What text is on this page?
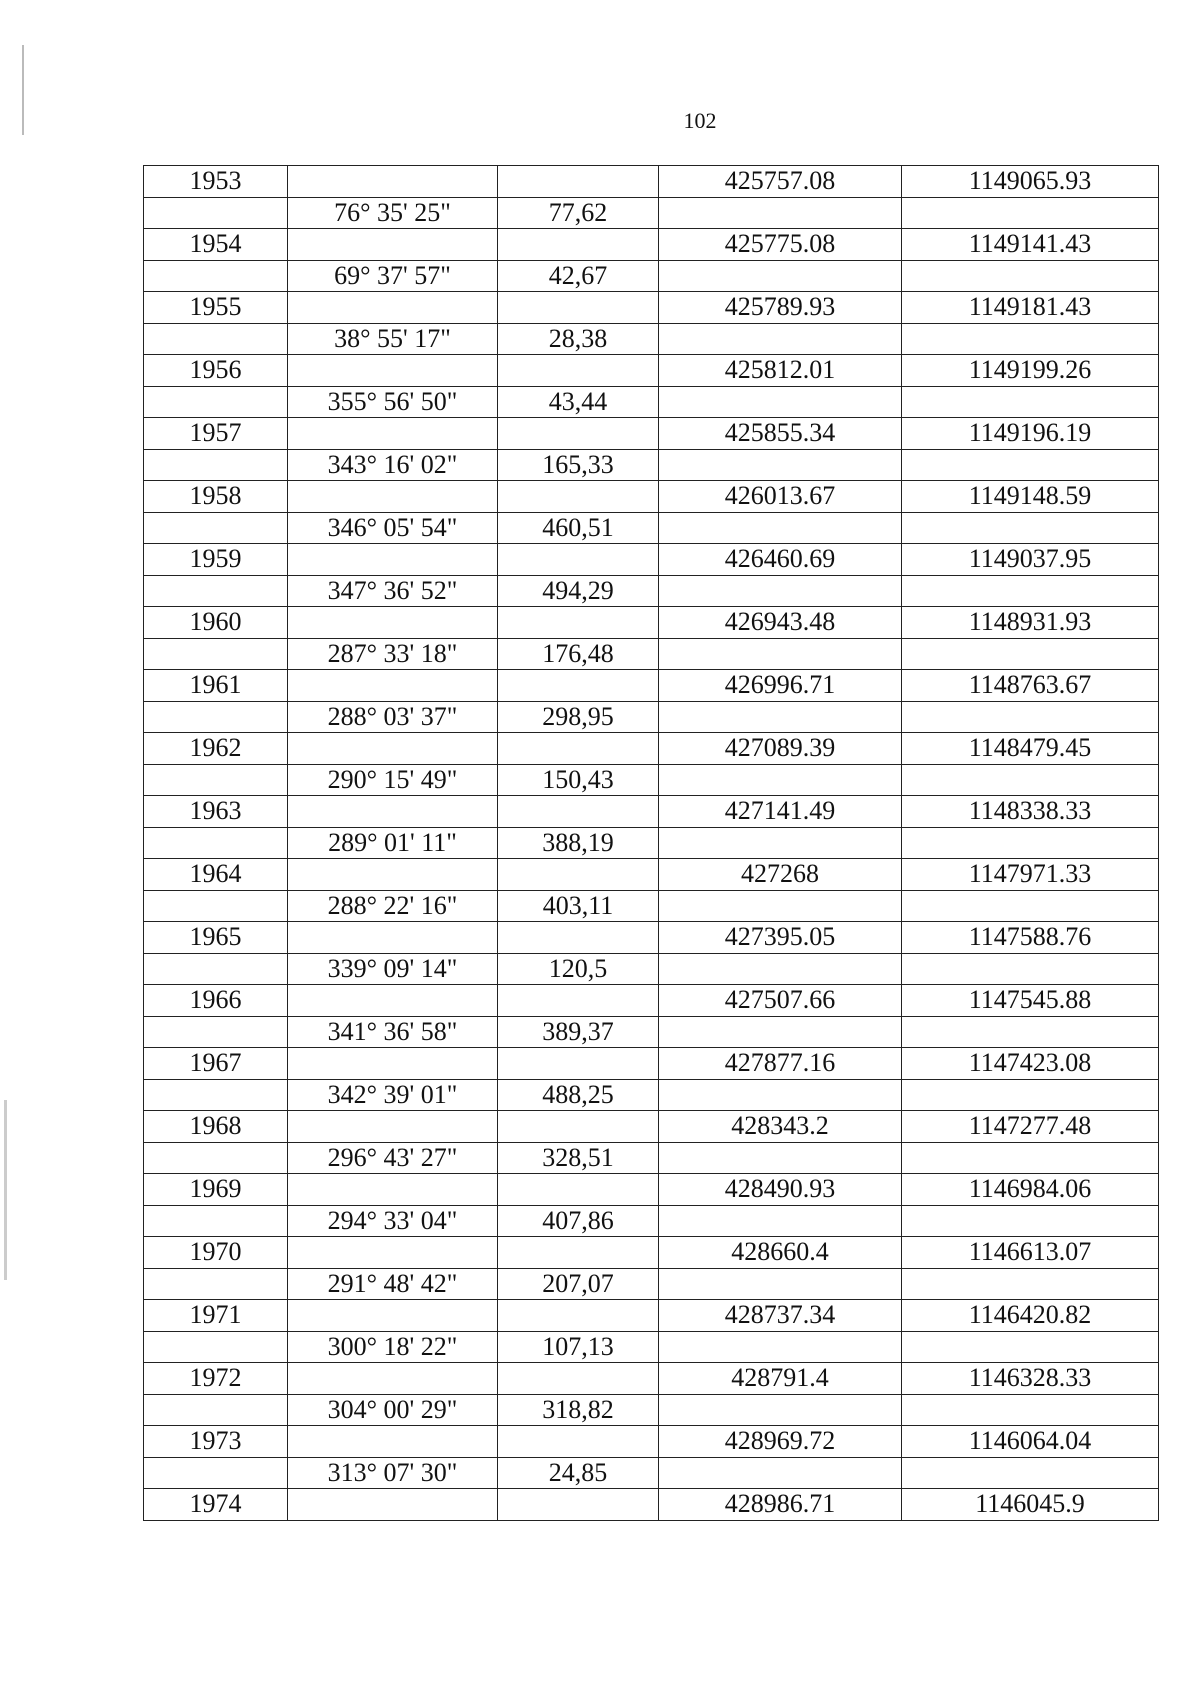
102
1953			425757.08	1149065.93
	76° 35' 25"	77,62		
1954			425775.08	1149141.43
	69° 37' 57"	42,67		
1955			425789.93	1149181.43
	38° 55' 17"	28,38		
1956			425812.01	1149199.26
	355° 56' 50"	43,44		
1957			425855.34	1149196.19
	343° 16' 02"	165,33		
1958			426013.67	1149148.59
	346° 05' 54"	460,51		
1959			426460.69	1149037.95
	347° 36' 52"	494,29		
1960			426943.48	1148931.93
	287° 33' 18"	176,48		
1961			426996.71	1148763.67
	288° 03' 37"	298,95		
1962			427089.39	1148479.45
	290° 15' 49"	150,43		
1963			427141.49	1148338.33
	289° 01' 11"	388,19		
1964			427268	1147971.33
	288° 22' 16"	403,11		
1965			427395.05	1147588.76
	339° 09' 14"	120,5		
1966			427507.66	1147545.88
	341° 36' 58"	389,37		
1967			427877.16	1147423.08
	342° 39' 01"	488,25		
1968			428343.2	1147277.48
	296° 43' 27"	328,51		
1969			428490.93	1146984.06
	294° 33' 04"	407,86		
1970			428660.4	1146613.07
	291° 48' 42"	207,07		
1971			428737.34	1146420.82
	300° 18' 22"	107,13		
1972			428791.4	1146328.33
	304° 00' 29"	318,82		
1973			428969.72	1146064.04
	313° 07' 30"	24,85		
1974			428986.71	1146045.9
